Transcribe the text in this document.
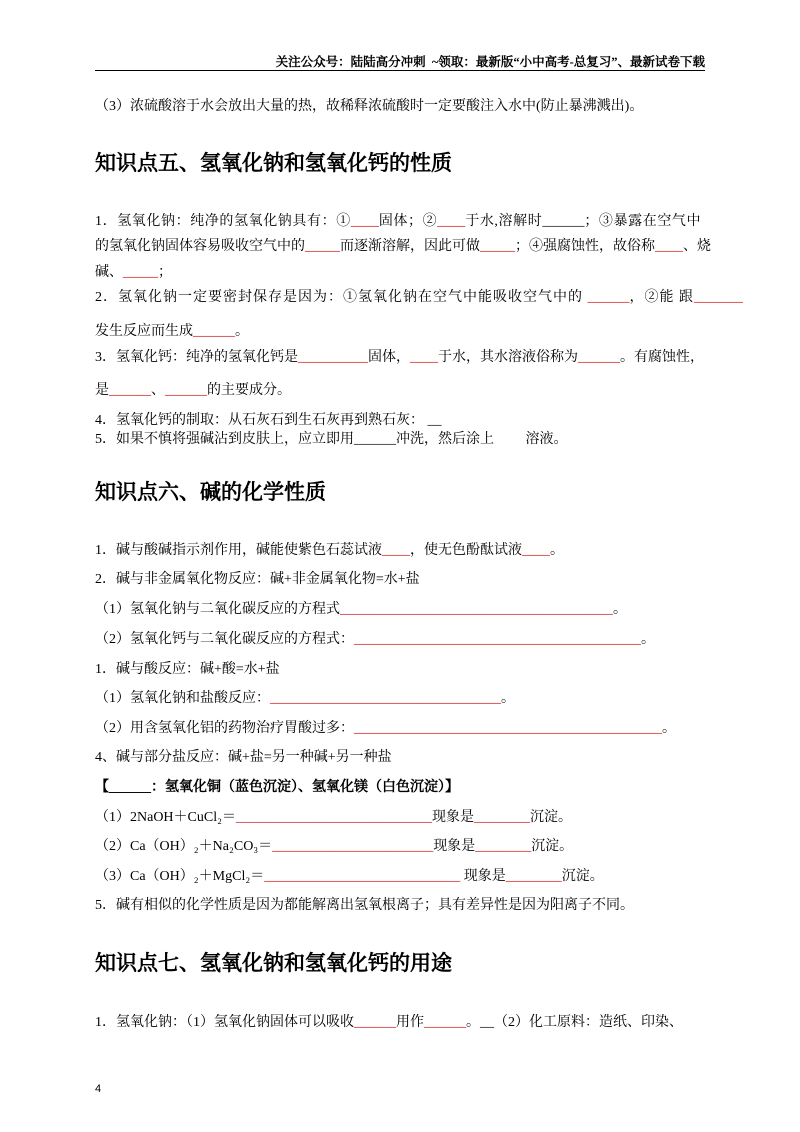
关注公众号：陆陆高分冲刺  ~领取：最新版“小中高考-总复习”、最新试卷下载
（3）浓硫酸溶于水会放出大量的热，故稀释浓硫酸时一定要酸注入水中(防止暴沸溅出)。
知识点五、氢氧化钠和氢氧化钙的性质
1．氢氧化钠：纯净的氢氧化钠具有：①____固体；②____于水,溶解时______；③暴露在空气中
的氢氧化钠固体容易吸收空气中的_____而逐渐溶解，因此可做_____；④强腐蚀性，故俗称____、烧
碱、_____；
2．氢氧化钠一定要密封保存是因为：①氢氧化钠在空气中能吸收空气中的 ______，②能 跟_______
发生反应而生成______。
3．氢氧化钙：纯净的氢氧化钙是__________固体，____于水，其水溶液俗称为______。有腐蚀性，
是______、______的主要成分。
4．氢氧化钙的制取：从石灰石到生石灰再到熟石灰： __
5．如果不慎将强碱沾到皮肤上，应立即用______冲洗，然后涂上　　 溶液。
知识点六、碱的化学性质
1．碱与酸碱指示剂作用，碱能使紫色石蕊试液____，使无色酚酞试液____。
2．碱与非金属氧化物反应：碱+非金属氧化物=水+盐
（1）氢氧化钠与二氧化碳反应的方程式_______________________________________。
（2）氢氧化钙与二氧化碳反应的方程式：_________________________________________。
1．碱与酸反应：碱+酸=水+盐
（1）氢氧化钠和盐酸反应：_________________________________。
（2）用含氢氧化铝的药物治疗胃酸过多：____________________________________________。
4、碱与部分盐反应：碱+盐=另一种碱+另一种盐
【______：氢氧化铜（蓝色沉淀）、氢氧化镁（白色沉淀）】
（1）2NaOH＋CuCl₂＝____________________________现象是________沉淀。
（2）Ca（OH）₂＋Na₂CO₃＝_______________________现象是________沉淀。
（3）Ca（OH）₂＋MgCl₂＝____________________________ 现象是________沉淀。
5．碱有相似的化学性质是因为都能解离出氢氧根离子；具有差异性是因为阳离子不同。
知识点七、氢氧化钠和氢氧化钙的用途
1．氢氧化钠：（1）氢氧化钠固体可以吸收______用作______。__（2）化工原料：造纸、印染、
4
